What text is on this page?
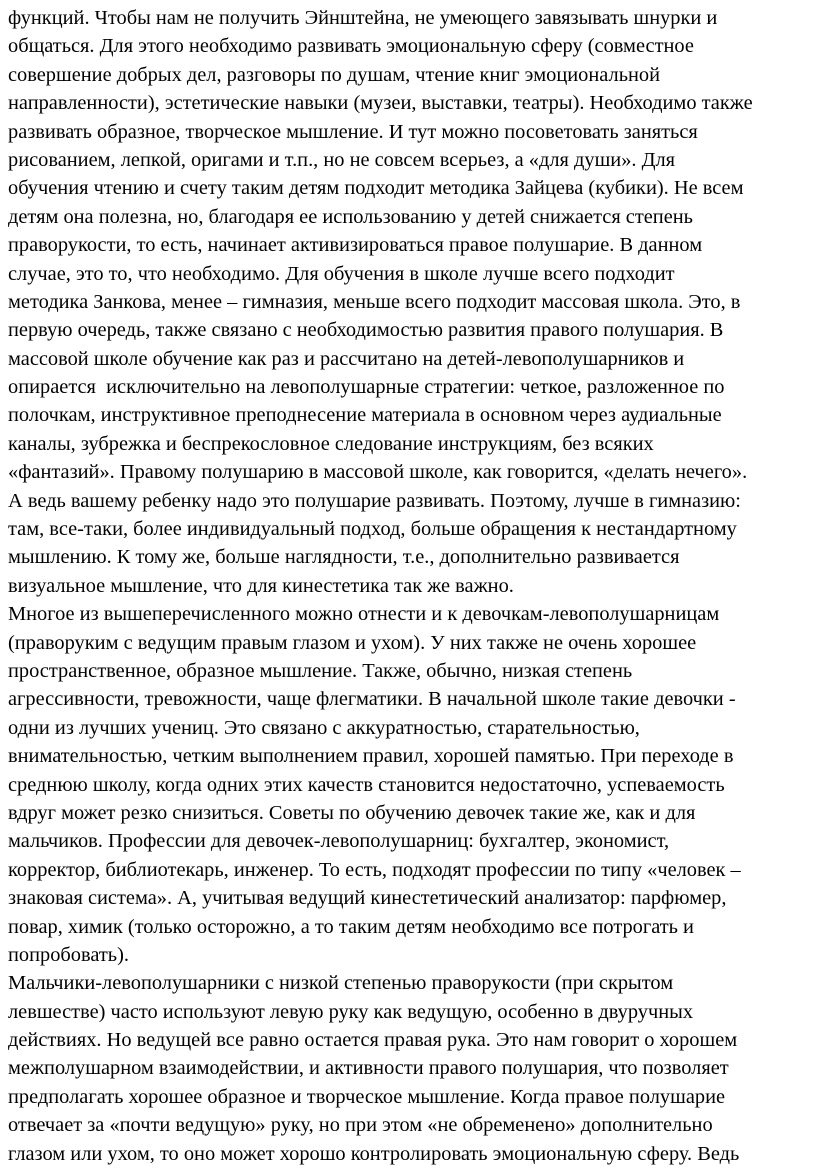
функций. Чтобы нам не получить Эйнштейна, не умеющего завязывать шнурки и
общаться. Для этого необходимо развивать эмоциональную сферу (совместное
совершение добрых дел, разговоры по душам, чтение книг эмоциональной
направленности), эстетические навыки (музеи, выставки, театры). Необходимо также
развивать образное, творческое мышление. И тут можно посоветовать заняться
рисованием, лепкой, оригами и т.п., но не совсем всерьез, а «для души». Для
обучения чтению и счету таким детям подходит методика Зайцева (кубики). Не всем
детям она полезна, но, благодаря ее использованию у детей снижается степень
праворукости, то есть, начинает активизироваться правое полушарие. В данном
случае, это то, что необходимо. Для обучения в школе лучше всего подходит
методика Занкова, менее – гимназия, меньше всего подходит массовая школа. Это, в
первую очередь, также связано с необходимостью развития правого полушария. В
массовой школе обучение как раз и рассчитано на детей-левополушарников и
опирается  исключительно на левополушарные стратегии: четкое, разложенное по
полочкам, инструктивное преподнесение материала в основном через аудиальные
каналы, зубрежка и беспрекословное следование инструкциям, без всяких
«фантазий». Правому полушарию в массовой школе, как говорится, «делать нечего».
А ведь вашему ребенку надо это полушарие развивать. Поэтому, лучше в гимназию:
там, все-таки, более индивидуальный подход, больше обращения к нестандартному
мышлению. К тому же, больше наглядности, т.е., дополнительно развивается
визуальное мышление, что для кинестетика так же важно.
Многое из вышеперечисленного можно отнести и к девочкам-левополушарницам
(праворуким с ведущим правым глазом и ухом). У них также не очень хорошее
пространственное, образное мышление. Также, обычно, низкая степень
агрессивности, тревожности, чаще флегматики. В начальной школе такие девочки -
одни из лучших учениц. Это связано с аккуратностью, старательностью,
внимательностью, четким выполнением правил, хорошей памятью. При переходе в
среднюю школу, когда одних этих качеств становится недостаточно, успеваемость
вдруг может резко снизиться. Советы по обучению девочек такие же, как и для
мальчиков. Профессии для девочек-левополушарниц: бухгалтер, экономист,
корректор, библиотекарь, инженер. То есть, подходят профессии по типу «человек –
знаковая система». А, учитывая ведущий кинестетический анализатор: парфюмер,
повар, химик (только осторожно, а то таким детям необходимо все потрогать и
попробовать).
Мальчики-левополушарники с низкой степенью праворукости (при скрытом
левшестве) часто используют левую руку как ведущую, особенно в двуручных
действиях. Но ведущей все равно остается правая рука. Это нам говорит о хорошем
межполушарном взаимодействии, и активности правого полушария, что позволяет
предполагать хорошее образное и творческое мышление. Когда правое полушарие
отвечает за «почти ведущую» руку, но при этом «не обременено» дополнительно
глазом или ухом, то оно может хорошо контролировать эмоциональную сферу. Ведь
